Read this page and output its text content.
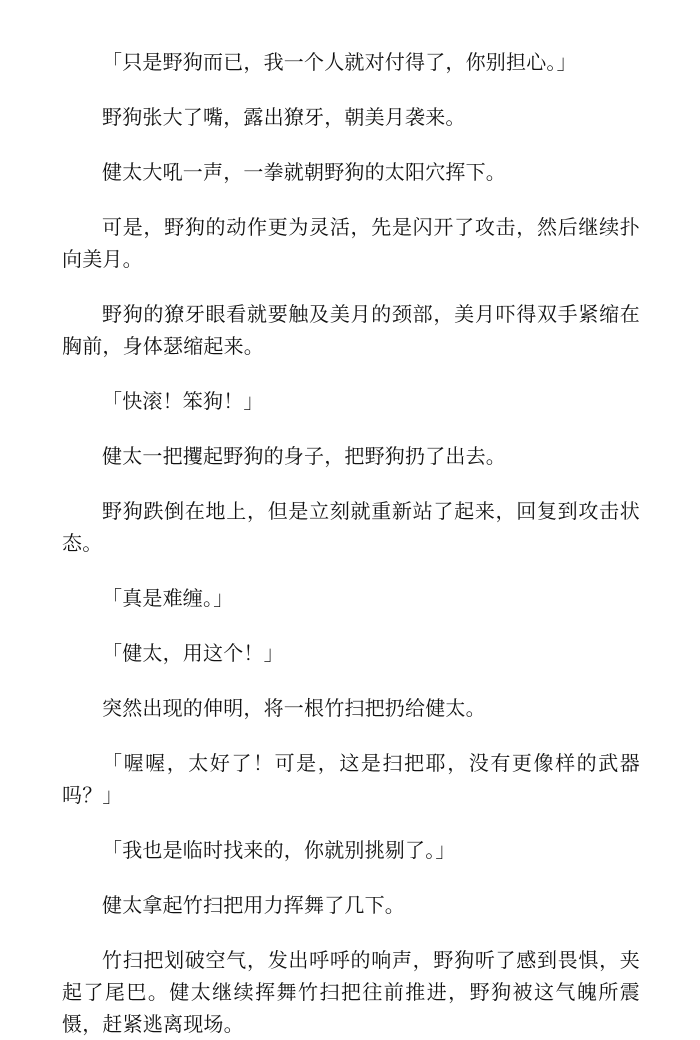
「只是野狗而已，我一个人就对付得了，你别担心。」

野狗张大了嘴，露出獠牙，朝美月袭来。

健太大吼一声，一拳就朝野狗的太阳穴挥下。

可是，野狗的动作更为灵活，先是闪开了攻击，然后继续扑向美月。

野狗的獠牙眼看就要触及美月的颈部，美月吓得双手紧缩在胸前，身体瑟缩起来。

「快滚！笨狗！」

健太一把攫起野狗的身子，把野狗扔了出去。

野狗跌倒在地上，但是立刻就重新站了起来，回复到攻击状态。

「真是难缠。」

「健太，用这个！」

突然出现的伸明，将一根竹扫把扔给健太。

「喔喔，太好了！可是，这是扫把耶，没有更像样的武器吗？」

「我也是临时找来的，你就别挑剔了。」

健太拿起竹扫把用力挥舞了几下。

竹扫把划破空气，发出呼呼的响声，野狗听了感到畏惧，夹起了尾巴。健太继续挥舞竹扫把往前推进，野狗被这气魄所震慑，赶紧逃离现场。
